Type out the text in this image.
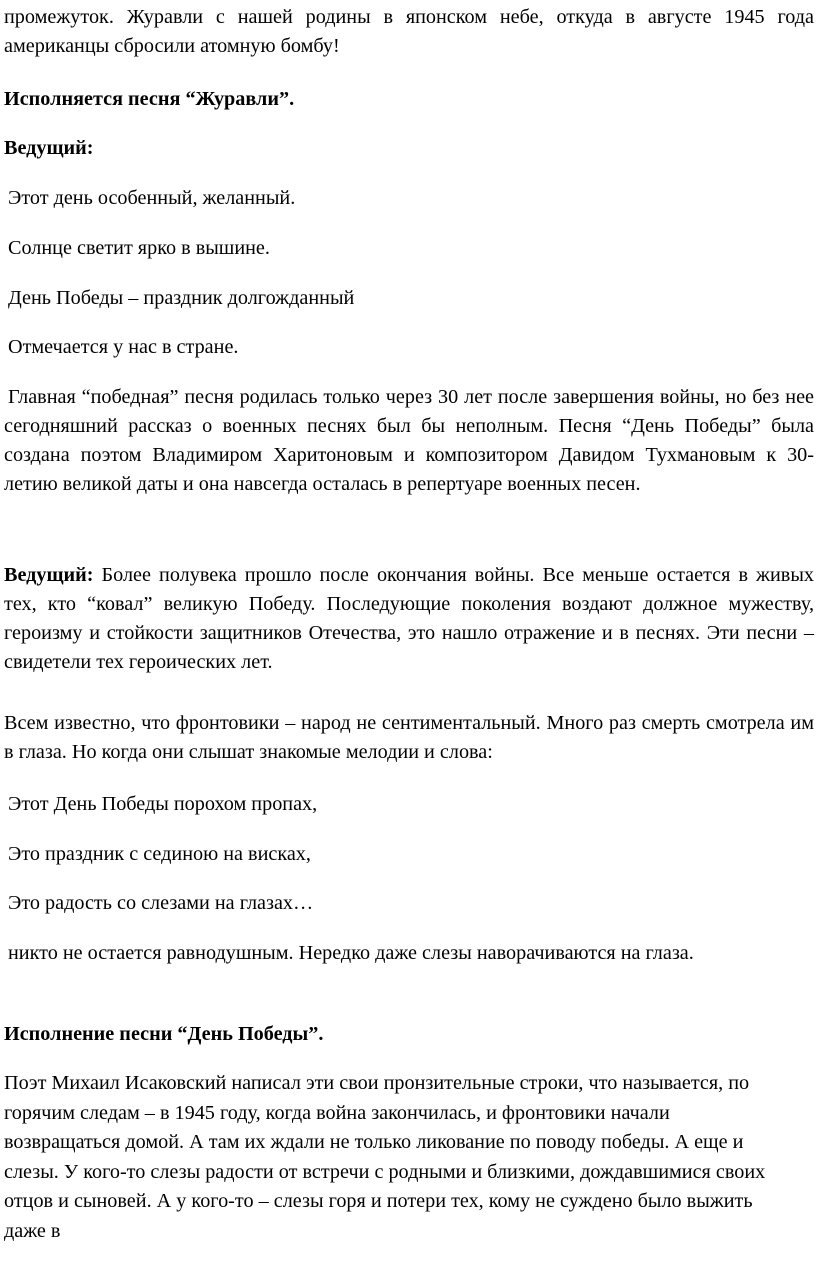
промежуток. Журавли с нашей родины в японском небе, откуда в августе 1945 года американцы сбросили атомную бомбу!

Исполняется песня “Журавли”.

Ведущий:

Этот день особенный, желанный.

Солнце светит ярко в вышине.

День Победы – праздник долгожданный

Отмечается у нас в стране.

Главная “победная” песня родилась только через 30 лет после завершения войны, но без нее сегодняшний рассказ о военных песнях был бы неполным. Песня “День Победы” была создана поэтом Владимиром Харитоновым и композитором Давидом Тухмановым к 30-летию великой даты и она навсегда осталась в репертуаре военных песен.

Ведущий: Более полувека прошло после окончания войны. Все меньше остается в живых тех, кто “ковал” великую Победу. Последующие поколения воздают должное мужеству, героизму и стойкости защитников Отечества, это нашло отражение и в песнях. Эти песни – свидетели тех героических лет.

Всем известно, что фронтовики – народ не сентиментальный. Много раз смерть смотрела им в глаза. Но когда они слышат знакомые мелодии и слова:

Этот День Победы порохом пропах,

Это праздник с сединою на висках,

Это радость со слезами на глазах…

никто не остается равнодушным. Нередко даже слезы наворачиваются на глаза.

Исполнение песни “День Победы”.

Поэт Михаил Исаковский написал эти свои пронзительные строки, что называется, по горячим следам – в 1945 году, когда война закончилась, и фронтовики начали возвращаться домой. А там их ждали не только ликование по поводу победы. А еще и слезы. У кого-то слезы радости от встречи с родными и близкими, дождавшимися своих отцов и сыновей. А у кого-то – слезы горя и потери тех, кому не суждено было выжить даже в
